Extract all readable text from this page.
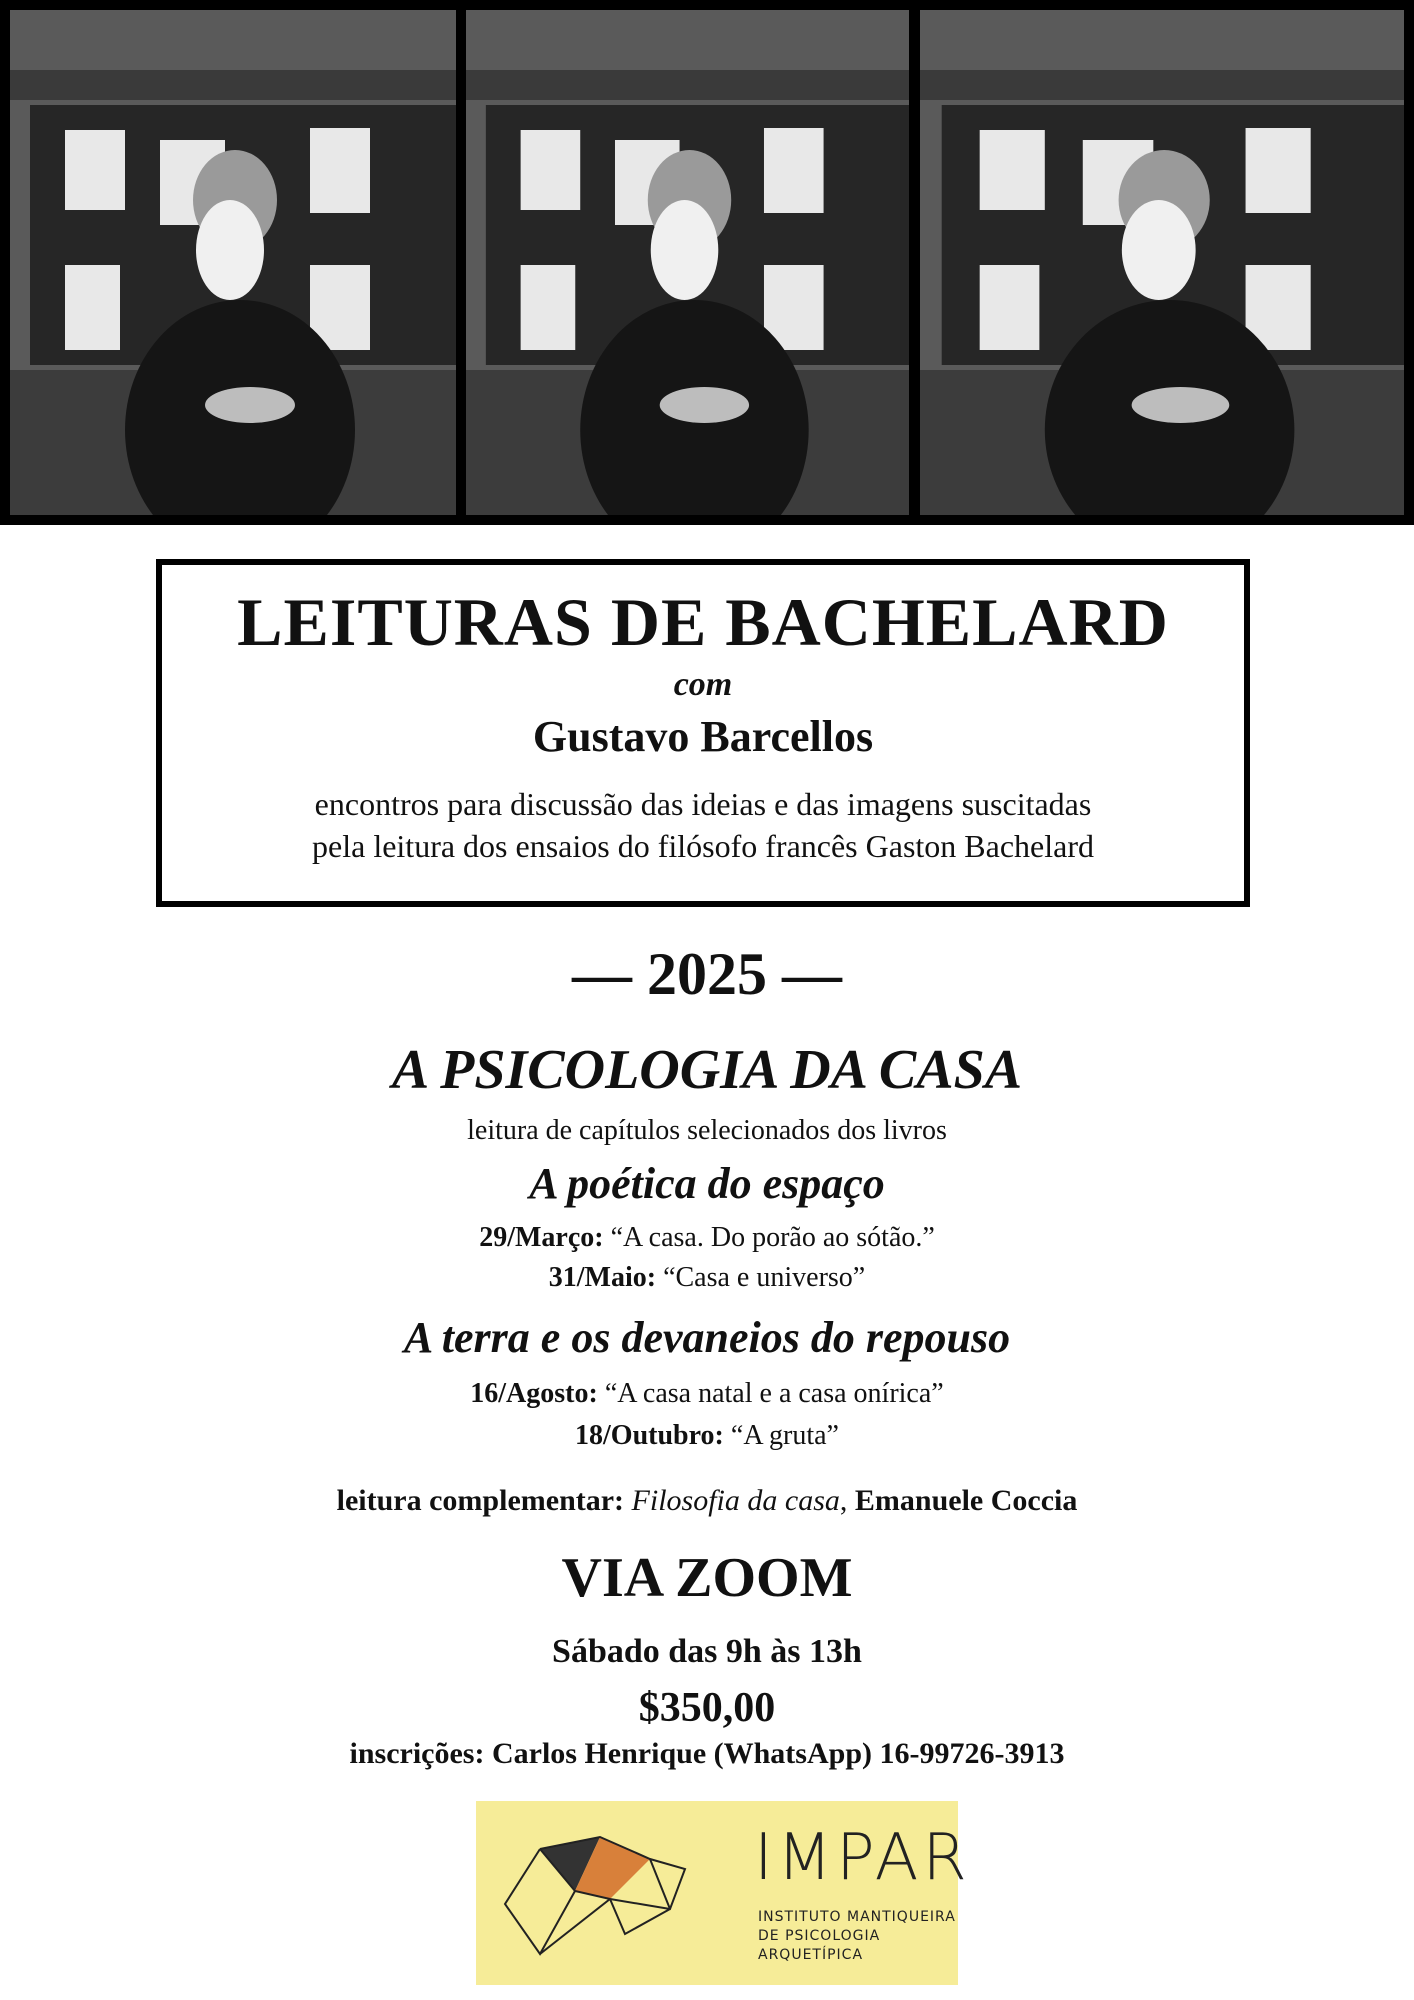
LEITURAS DE BACHELARD
com
Gustavo Barcellos
encontros para discussão das ideias e das imagens suscitadas
pela leitura dos ensaios do filósofo francês Gaston Bachelard
— 2025 —
A PSICOLOGIA DA CASA
leitura de capítulos selecionados dos livros
A poética do espaço
29/Março: “A casa. Do porão ao sótão.”
31/Maio: “Casa e universo”
A terra e os devaneios do repouso
16/Agosto: “A casa natal e a casa onírica”
18/Outubro: “A gruta”
leitura complementar: Filosofia da casa, Emanuele Coccia
VIA ZOOM
Sábado das 9h às 13h
$350,00
inscrições: Carlos Henrique (WhatsApp) 16-99726-3913
IMPAR
INSTITUTO MANTIQUEIRA
DE PSICOLOGIA ARQUETÍPICA
